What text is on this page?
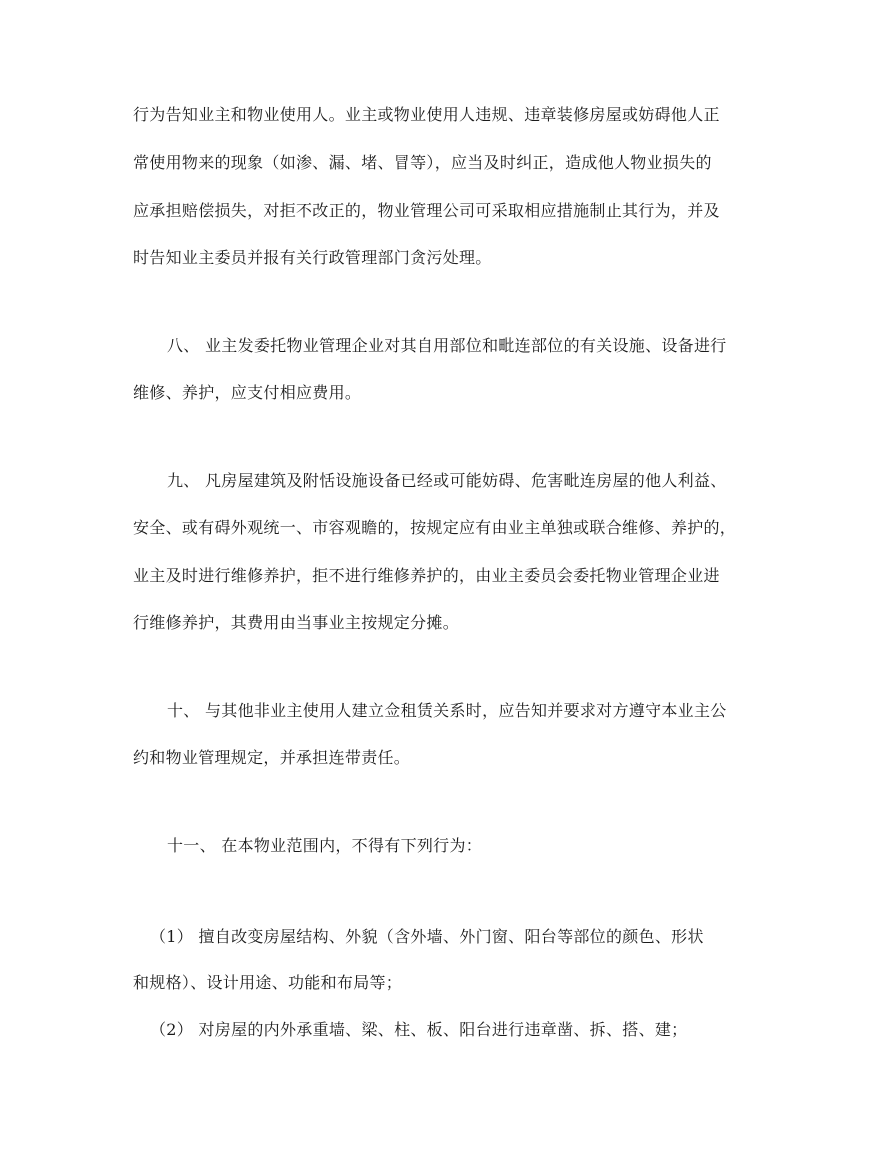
行为告知业主和物业使用人。业主或物业使用人违规、违章装修房屋或妨碍他人正
常使用物来的现象（如渗、漏、堵、冒等），应当及时纠正，造成他人物业损失的
应承担赔偿损失，对拒不改正的，物业管理公司可采取相应措施制止其行为，并及
时告知业主委员并报有关行政管理部门贪污处理。
八、 业主发委托物业管理企业对其自用部位和毗连部位的有关设施、设备进行
维修、养护，应支付相应费用。
九、 凡房屋建筑及附恬设施设备已经或可能妨碍、危害毗连房屋的他人利益、
安全、或有碍外观统一、市容观瞻的，按规定应有由业主单独或联合维修、养护的，
业主及时进行维修养护，拒不进行维修养护的，由业主委员会委托物业管理企业进
行维修养护，其费用由当事业主按规定分摊。
十、 与其他非业主使用人建立佥租赁关系时，应告知并要求对方遵守本业主公
约和物业管理规定，并承担连带责任。
十一、 在本物业范围内，不得有下列行为：
（1） 擅自改变房屋结构、外貌（含外墙、外门窗、阳台等部位的颜色、形状
和规格）、设计用途、功能和布局等；
（2） 对房屋的内外承重墙、梁、柱、板、阳台进行违章凿、拆、搭、建；
